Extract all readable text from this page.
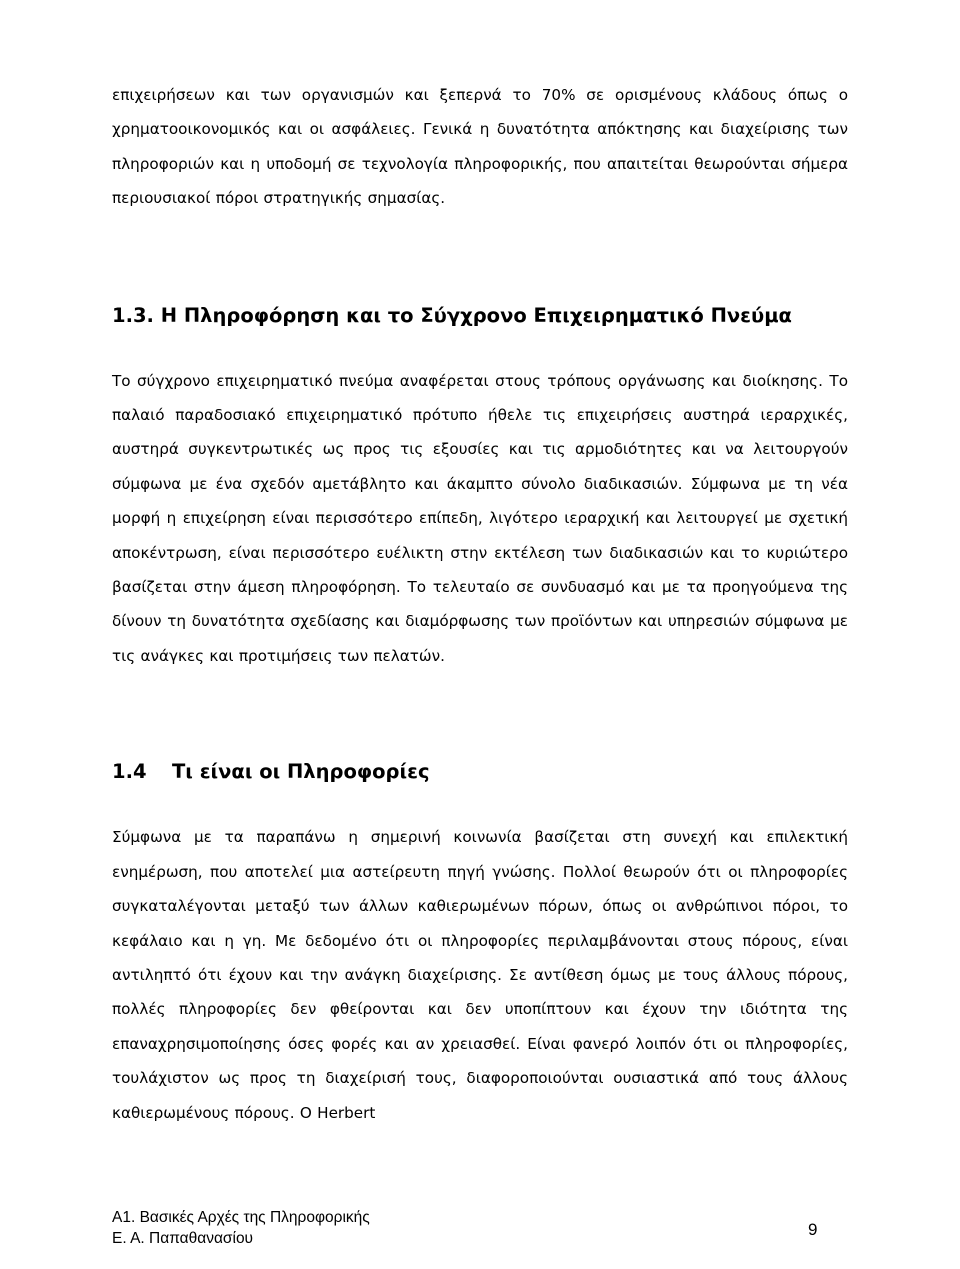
επιχειρήσεων και των οργανισμών και ξεπερνά το 70% σε ορισμένους κλάδους όπως ο χρηματοοικονομικός και οι ασφάλειες. Γενικά η δυνατότητα απόκτησης και διαχείρισης των πληροφοριών και η υποδομή σε τεχνολογία πληροφορικής, που απαιτείται θεωρούνται σήμερα περιουσιακοί πόροι στρατηγικής σημασίας.

1.3. Η Πληροφόρηση και το Σύγχρονο Επιχειρηματικό Πνεύμα

Το σύγχρονο επιχειρηματικό πνεύμα αναφέρεται στους τρόπους οργάνωσης και διοίκησης. Το παλαιό παραδοσιακό επιχειρηματικό πρότυπο ήθελε τις επιχειρήσεις αυστηρά ιεραρχικές, αυστηρά συγκεντρωτικές ως προς τις εξουσίες και τις αρμοδιότητες και να λειτουργούν σύμφωνα με ένα σχεδόν αμετάβλητο και άκαμπτο σύνολο διαδικασιών. Σύμφωνα με τη νέα μορφή η επιχείρηση είναι περισσότερο επίπεδη, λιγότερο ιεραρχική και λειτουργεί με σχετική αποκέντρωση, είναι περισσότερο ευέλικτη στην εκτέλεση των διαδικασιών και το κυριώτερο βασίζεται στην άμεση πληροφόρηση. Το τελευταίο σε συνδυασμό και με τα προηγούμενα της δίνουν τη δυνατότητα σχεδίασης και διαμόρφωσης των προϊόντων και υπηρεσιών σύμφωνα με τις ανάγκες και προτιμήσεις των πελατών.

1.4 Τι είναι οι Πληροφορίες

Σύμφωνα με τα παραπάνω η σημερινή κοινωνία βασίζεται στη συνεχή και επιλεκτική ενημέρωση, που αποτελεί μια αστείρευτη πηγή γνώσης. Πολλοί θεωρούν ότι οι πληροφορίες συγκαταλέγονται μεταξύ των άλλων καθιερωμένων πόρων, όπως οι ανθρώπινοι πόροι, το κεφάλαιο και η γη. Με δεδομένο ότι οι πληροφορίες περιλαμβάνονται στους πόρους, είναι αντιληπτό ότι έχουν και την ανάγκη διαχείρισης. Σε αντίθεση όμως με τους άλλους πόρους, πολλές πληροφορίες δεν φθείρονται και δεν υποπίπτουν και έχουν την ιδιότητα της επαναχρησιμοποίησης όσες φορές και αν χρειασθεί. Είναι φανερό λοιπόν ότι οι πληροφορίες, τουλάχιστον ως προς τη διαχείρισή τους, διαφοροποιούνται ουσιαστικά από τους άλλους καθιερωμένους πόρους. Ο Herbert

Α1. Βασικές Αρχές της Πληροφορικής
Ε. Α. Παπαθανασίου	9
